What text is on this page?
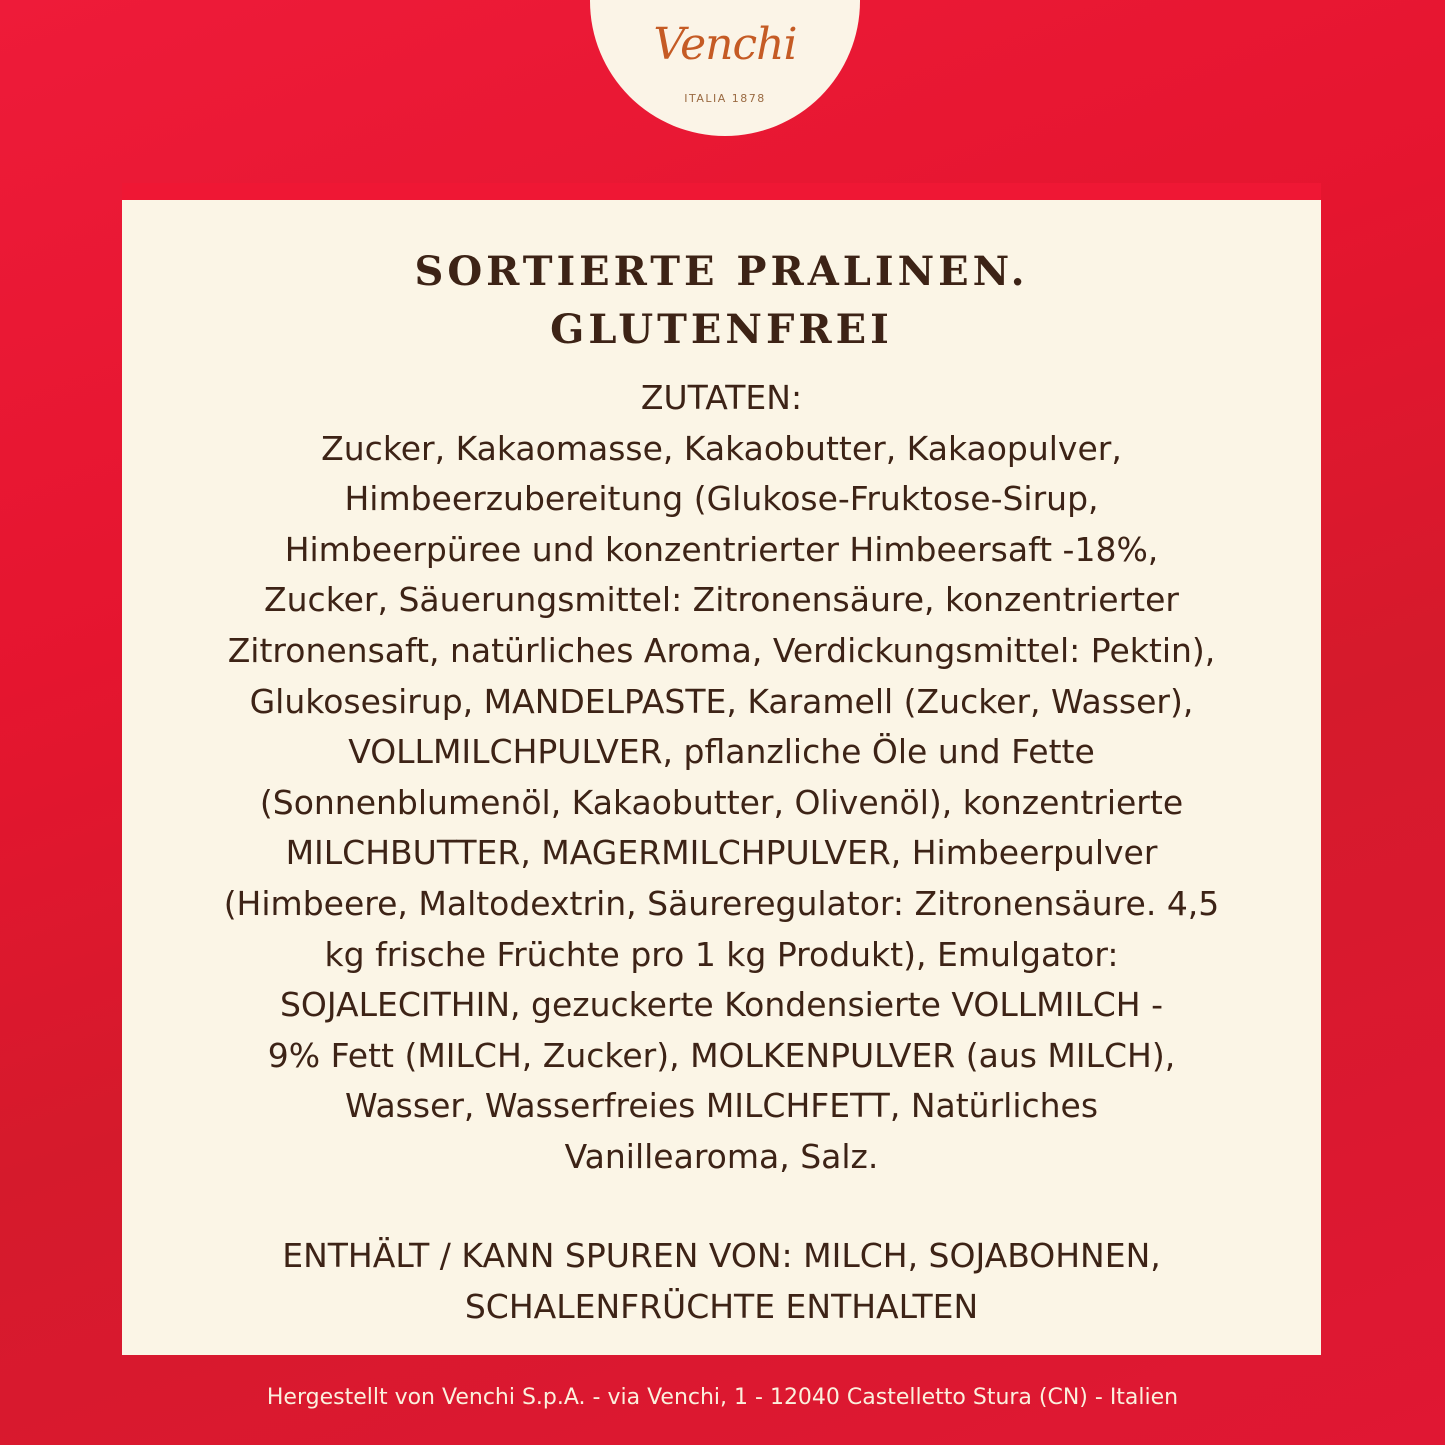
Venchi
ITALIA 1878
SORTIERTE PRALINEN.
GLUTENFREI
ZUTATEN:
Zucker, Kakaomasse, Kakaobutter, Kakaopulver,
Himbeerzubereitung (Glukose-Fruktose-Sirup,
Himbeerpüree und konzentrierter Himbeersaft -18%,
Zucker, Säuerungsmittel: Zitronensäure, konzentrierter
Zitronensaft, natürliches Aroma, Verdickungsmittel: Pektin),
Glukosesirup, MANDELPASTE, Karamell (Zucker, Wasser),
VOLLMILCHPULVER, pflanzliche Öle und Fette
(Sonnenblumenöl, Kakaobutter, Olivenöl), konzentrierte
MILCHBUTTER, MAGERMILCHPULVER, Himbeerpulver
(Himbeere, Maltodextrin, Säureregulator: Zitronensäure. 4,5
kg frische Früchte pro 1 kg Produkt), Emulgator:
SOJALECITHIN, gezuckerte Kondensierte VOLLMILCH -
9% Fett (MILCH, Zucker), MOLKENPULVER (aus MILCH),
Wasser, Wasserfreies MILCHFETT, Natürliches
Vanillearoma, Salz.
ENTHÄLT / KANN SPUREN VON: MILCH, SOJABOHNEN,
SCHALENFRÜCHTE ENTHALTEN
Hergestellt von Venchi S.p.A. - via Venchi, 1 - 12040 Castelletto Stura (CN) - Italien
